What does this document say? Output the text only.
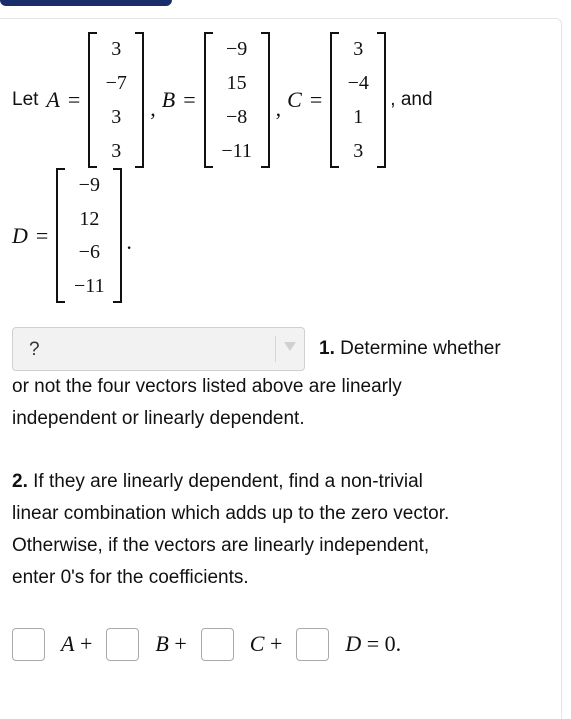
Let A =
3
−7
3
3
, B =
−9
15
−8
−11
, C =
3
−4
1
3
, and
D =
−9
12
−6
−11
.
?	1. Determine whether
or not the four vectors listed above are linearly
independent or linearly dependent.
2. If they are linearly dependent, find a non-trivial
linear combination which adds up to the zero vector.
Otherwise, if the vectors are linearly independent,
enter 0's for the coefficients.
A +	B +	C +	D = 0.
